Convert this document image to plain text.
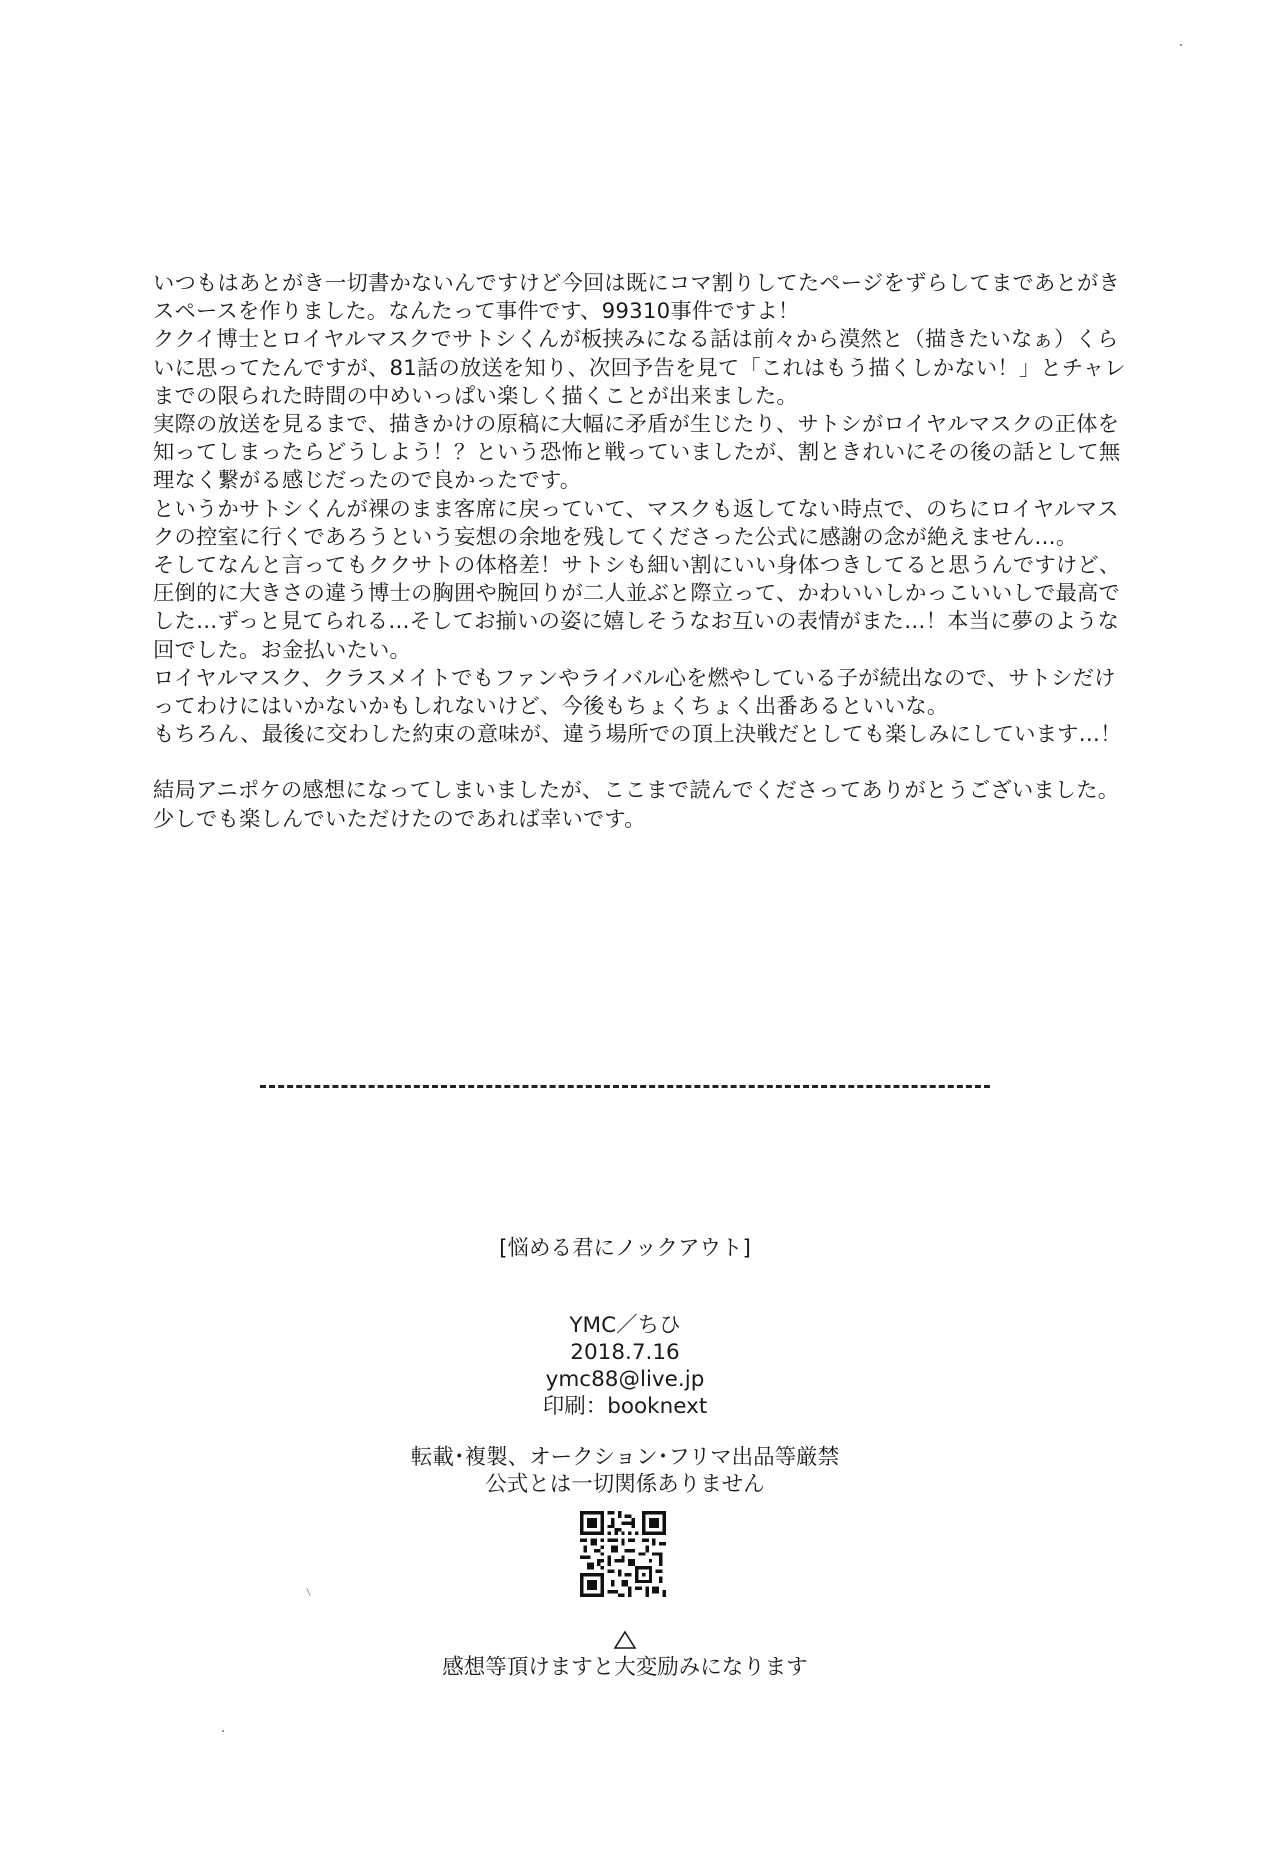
いつもはあとがき一切書かないんですけど今回は既にコマ割りしてたページをずらしてまであとがきスペースを作りました。なんたって事件です、99310事件ですよ！

ククイ博士とロイヤルマスクでサトシくんが板挟みになる話は前々から漠然と（描きたいなぁ）くらいに思ってたんですが、81話の放送を知り、次回予告を見て「これはもう描くしかない！」とチャレまでの限られた時間の中めいっぱい楽しく描くことが出来ました。

実際の放送を見るまで、描きかけの原稿に大幅に矛盾が生じたり、サトシがロイヤルマスクの正体を知ってしまったらどうしよう！？という恐怖と戦っていましたが、割ときれいにその後の話として無理なく繋がる感じだったので良かったです。

というかサトシくんが裸のまま客席に戻っていて、マスクも返してない時点で、のちにロイヤルマスクの控室に行くであろうという妄想の余地を残してくださった公式に感謝の念が絶えません…。

そしてなんと言ってもククサトの体格差！サトシも細い割にいい身体つきしてると思うんですけど、圧倒的に大きさの違う博士の胸囲や腕回りが二人並ぶと際立って、かわいいしかっこいいしで最高でした…ずっと見てられる…そしてお揃いの姿に嬉しそうなお互いの表情がまた…！本当に夢のような回でした。お金払いたい。

ロイヤルマスク、クラスメイトでもファンやライバル心を燃やしている子が続出なので、サトシだけってわけにはいかないかもしれないけど、今後もちょくちょく出番あるといいな。

もちろん、最後に交わした約束の意味が、違う場所での頂上決戦だとしても楽しみにしています…！

結局アニポケの感想になってしまいましたが、ここまで読んでくださってありがとうございました。

少しでも楽しんでいただけたのであれば幸いです。

[悩める君にノックアウト]
YMC／ちひ
2018.7.16
ymc88@live.jp
印刷：booknext
転載･複製、オークション･フリマ出品等厳禁
公式とは一切関係ありません
感想等頂けますと大変励みになります
